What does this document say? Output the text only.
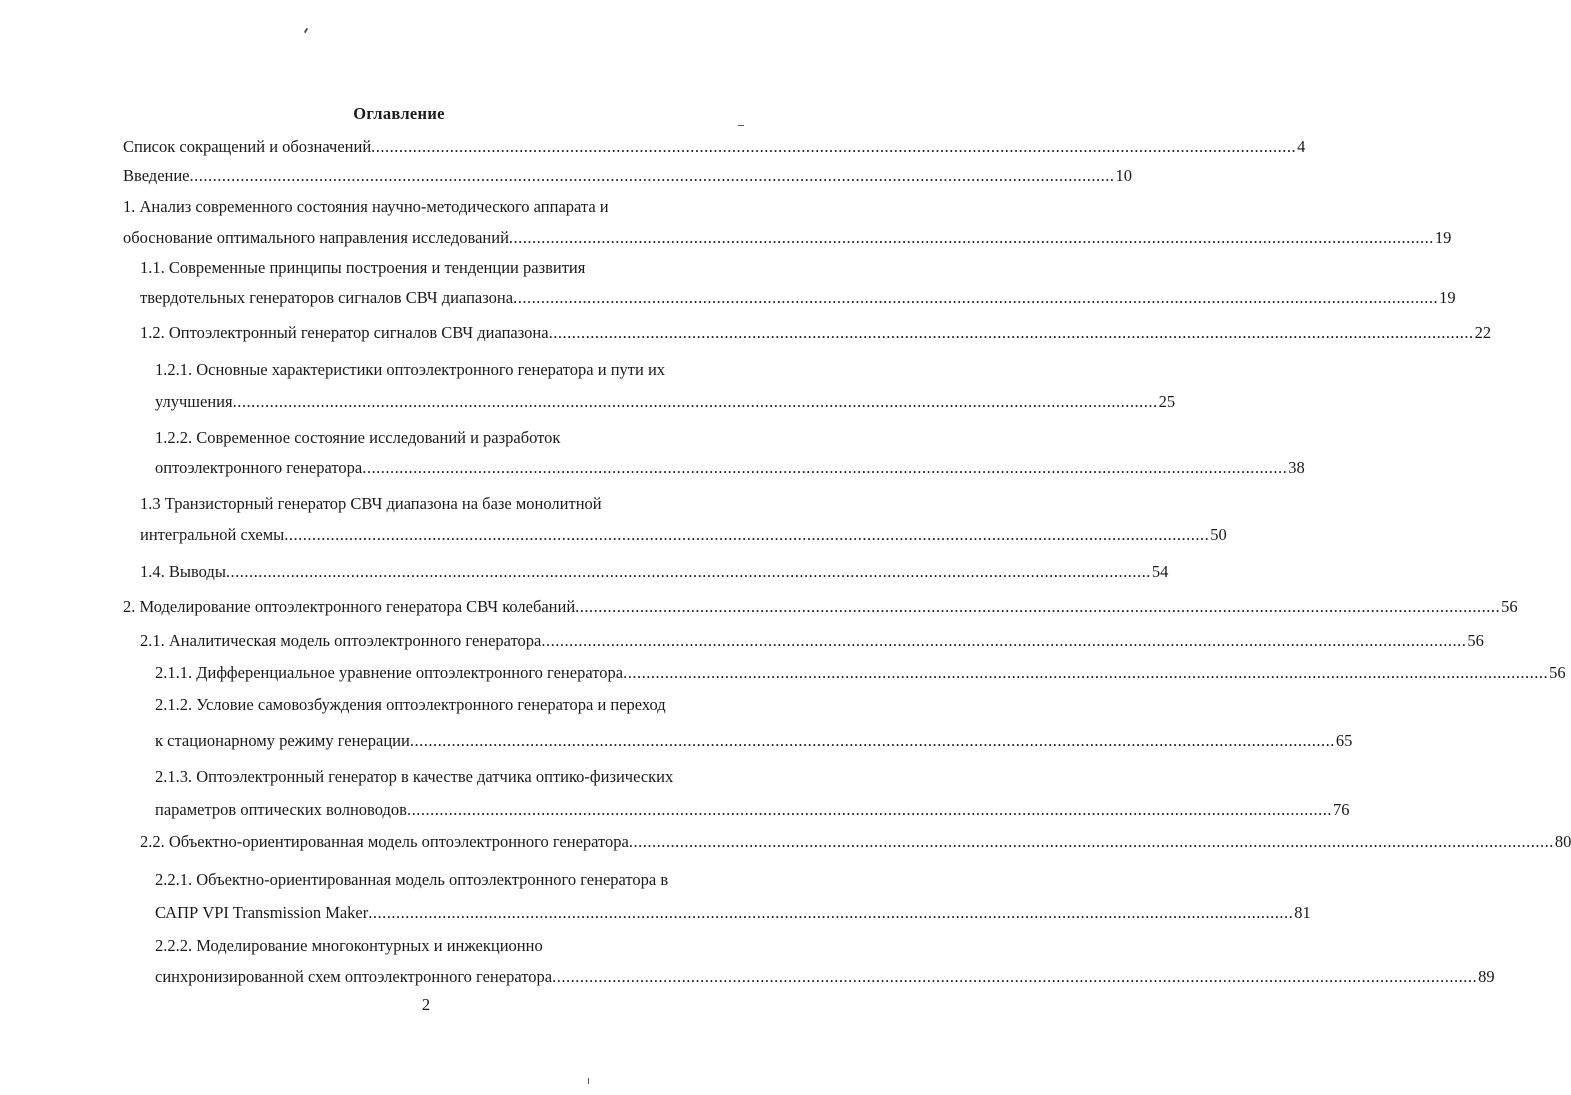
Оглавление
Список сокращений и обозначений ........................................................................................................................................................................................................ 4
Введение ........................................................................................................................................................................................................ 10
1. Анализ современного состояния научно-методического аппарата и
обоснование оптимального направления исследований ........................................................................................................................................................................................................ 19
1.1. Современные принципы построения и тенденции развития
твердотельных генераторов сигналов СВЧ диапазона ........................................................................................................................................................................................................ 19
1.2. Оптоэлектронный генератор сигналов СВЧ диапазона ........................................................................................................................................................................................................ 22
1.2.1. Основные характеристики оптоэлектронного генератора и пути их
улучшения ........................................................................................................................................................................................................ 25
1.2.2. Современное состояние исследований и разработок
оптоэлектронного генератора ........................................................................................................................................................................................................ 38
1.3 Транзисторный генератор СВЧ диапазона на базе монолитной
интегральной схемы ........................................................................................................................................................................................................ 50
1.4. Выводы ........................................................................................................................................................................................................ 54
2. Моделирование оптоэлектронного генератора СВЧ колебаний ........................................................................................................................................................................................................ 56
2.1. Аналитическая модель оптоэлектронного генератора ........................................................................................................................................................................................................ 56
2.1.1. Дифференциальное уравнение оптоэлектронного генератора ........................................................................................................................................................................................................ 56
2.1.2. Условие самовозбуждения оптоэлектронного генератора и переход
к стационарному режиму генерации ........................................................................................................................................................................................................ 65
2.1.3. Оптоэлектронный генератор в качестве датчика оптико-физических
параметров оптических волноводов ........................................................................................................................................................................................................ 76
2.2. Объектно-ориентированная модель оптоэлектронного генератора ........................................................................................................................................................................................................ 80
2.2.1. Объектно-ориентированная модель оптоэлектронного генератора в
САПР VPI Transmission Maker ........................................................................................................................................................................................................ 81
2.2.2. Моделирование многоконтурных и инжекционно
синхронизированной схем оптоэлектронного генератора ........................................................................................................................................................................................................ 89
2
